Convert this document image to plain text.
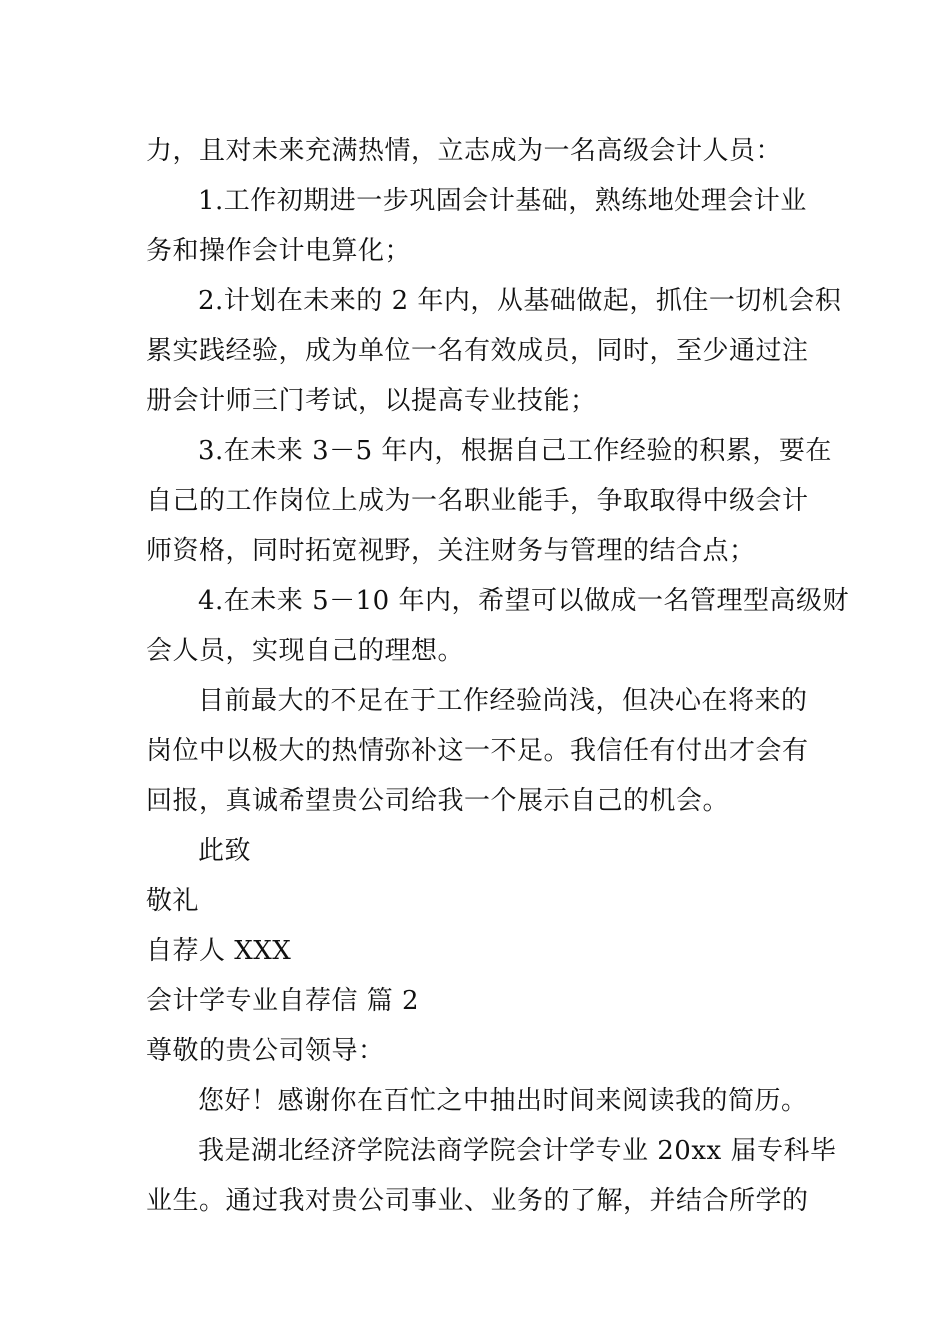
力，且对未来充满热情，立志成为一名高级会计人员：
1.工作初期进一步巩固会计基础，熟练地处理会计业
务和操作会计电算化；
2.计划在未来的 2 年内，从基础做起，抓住一切机会积
累实践经验，成为单位一名有效成员，同时，至少通过注
册会计师三门考试，以提高专业技能；
3.在未来 3－5 年内，根据自己工作经验的积累，要在
自己的工作岗位上成为一名职业能手，争取取得中级会计
师资格，同时拓宽视野，关注财务与管理的结合点；
4.在未来 5－10 年内，希望可以做成一名管理型高级财
会人员，实现自己的理想。
目前最大的不足在于工作经验尚浅，但决心在将来的
岗位中以极大的热情弥补这一不足。我信任有付出才会有
回报，真诚希望贵公司给我一个展示自己的机会。
此致
敬礼
自荐人 XXX
会计学专业自荐信 篇 2
尊敬的贵公司领导：
您好！感谢你在百忙之中抽出时间来阅读我的简历。
我是湖北经济学院法商学院会计学专业 20xx 届专科毕
业生。通过我对贵公司事业、业务的了解，并结合所学的
